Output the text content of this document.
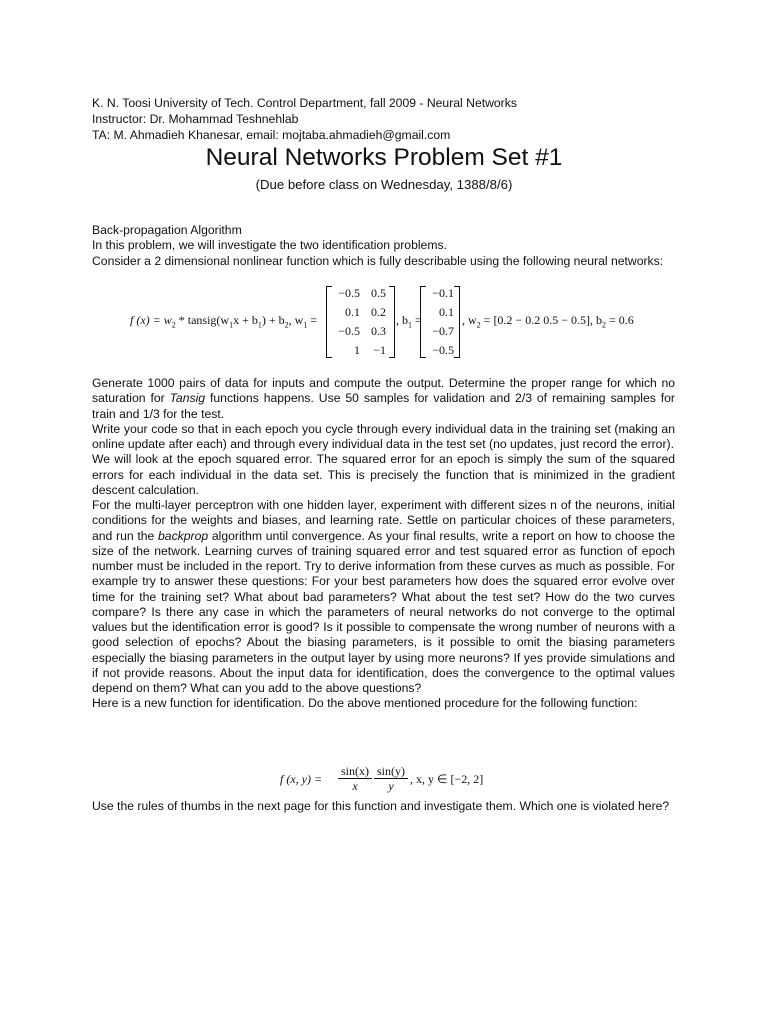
K. N. Toosi University of Tech. Control Department, fall 2009 - Neural Networks
Instructor: Dr. Mohammad Teshnehlab
TA: M. Ahmadieh Khanesar, email: mojtaba.ahmadieh@gmail.com
Neural Networks Problem Set #1
(Due before class on Wednesday, 1388/8/6)

Back-propagation Algorithm

In this problem, we will investigate the two identification problems.

Consider a 2 dimensional nonlinear function which is fully describable using the following neural networks:

f $(x) = w_2$ * $tansig(w_1x + b_1) + b_2$, $w_1$ =
−0.5 0.5
0.1 0.2
−0.5 0.3
1	−1
, $b_1$ =
−0.1
0.1
−0.7
−0.5
, $w_2 = [0.2 - 0.2$ 0.5 − 0.5], $b_2 = 0.6$

Generate 1000 pairs of data for inputs and compute the output. Determine the proper range for which no saturation for Tansig functions happens. Use 50 samples for validation and 2/3 of remaining samples for train and 1/3 for the test.

Write your code so that in each epoch you cycle through every individual data in the training set (making an online update after each) and through every individual data in the test set (no updates, just record the error).

We will look at the epoch squared error. The squared error for an epoch is simply the sum of the squared errors for each individual in the data set. This is precisely the function that is minimized in the gradient descent calculation.

For the multi-layer perceptron with one hidden layer, experiment with different sizes n of the neurons, initial conditions for the weights and biases, and learning rate. Settle on particular choices of these parameters, and run the backprop algorithm until convergence. As your final results, write a report on how to choose the size of the network. Learning curves of training squared error and test squared error as function of epoch number must be included in the report. Try to derive information from these curves as much as possible. For example try to answer these questions: For your best parameters how does the squared error evolve over time for the training set? What about bad parameters? What about the test set? How do the two curves compare? Is there any case in which the parameters of neural networks do not converge to the optimal values but the identification error is good? Is it possible to compensate the wrong number of neurons with a good selection of epochs? About the biasing parameters, is it possible to omit the biasing parameters especially the biasing parameters in the output layer by using more neurons? If yes provide simulations and if not provide reasons. About the input data for identification, does the convergence to the optimal values depend on them? What can you add to the above questions?

Here is a new function for identification. Do the above mentioned procedure for the following function:

f (x, $y) = \frac{\sin(x)}{x} \frac{\sin(y)}{y}$ , x, y ∈ [−2, 2]

Use the rules of thumbs in the next page for this function and investigate them. Which one is violated here?
